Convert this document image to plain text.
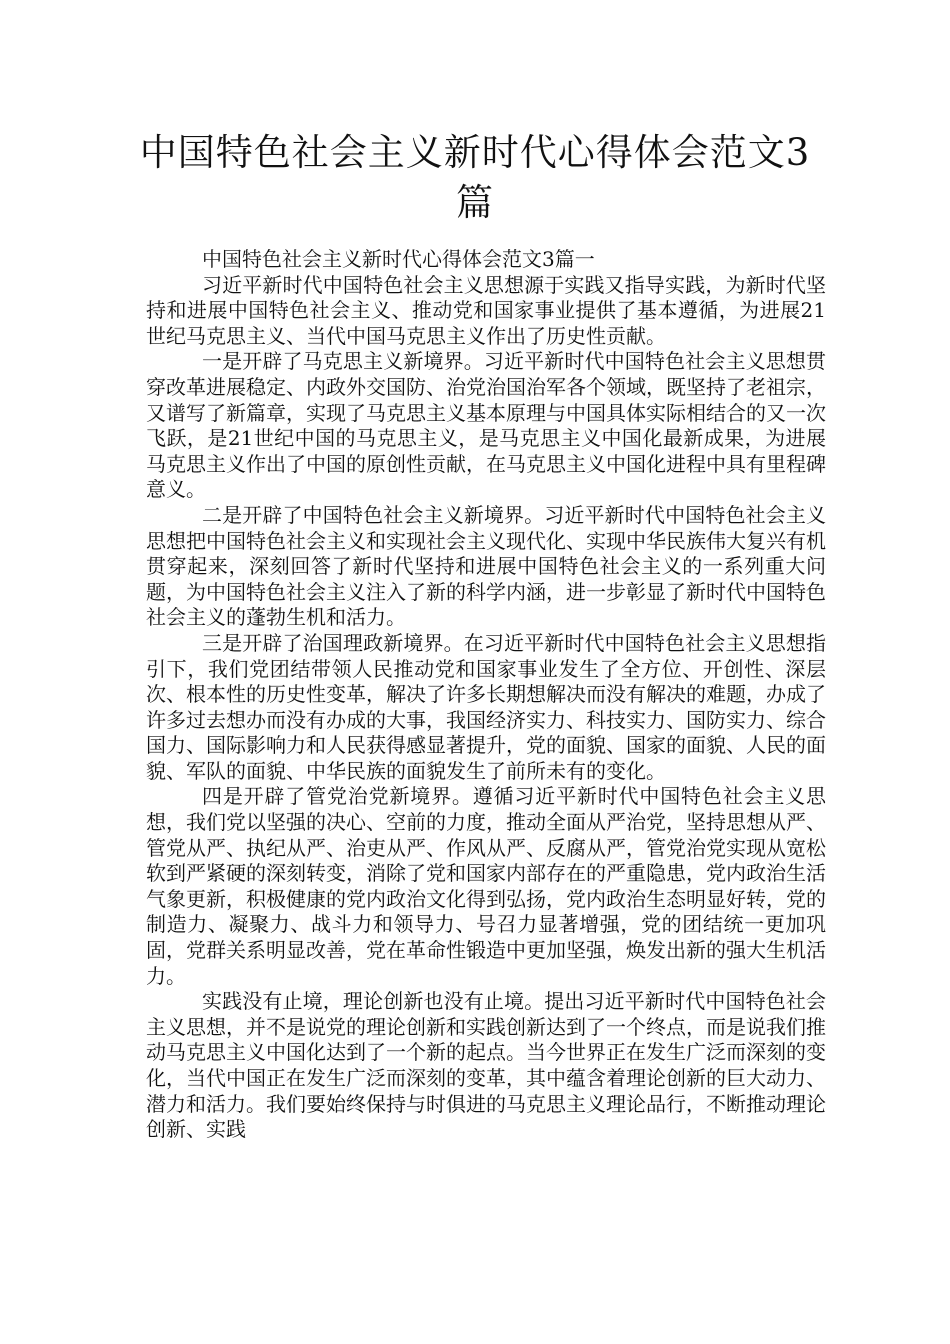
中国特色社会主义新时代心得体会范文3
篇

中国特色社会主义新时代心得体会范文3篇一

习近平新时代中国特色社会主义思想源于实践又指导实践，为新时代坚持和进展中国特色社会主义、推动党和国家事业提供了基本遵循，为进展21世纪马克思主义、当代中国马克思主义作出了历史性贡献。

一是开辟了马克思主义新境界。习近平新时代中国特色社会主义思想贯穿改革进展稳定、内政外交国防、治党治国治军各个领域，既坚持了老祖宗，又谱写了新篇章，实现了马克思主义基本原理与中国具体实际相结合的又一次飞跃，是21世纪中国的马克思主义，是马克思主义中国化最新成果，为进展马克思主义作出了中国的原创性贡献，在马克思主义中国化进程中具有里程碑意义。

二是开辟了中国特色社会主义新境界。习近平新时代中国特色社会主义思想把中国特色社会主义和实现社会主义现代化、实现中华民族伟大复兴有机贯穿起来，深刻回答了新时代坚持和进展中国特色社会主义的一系列重大问题，为中国特色社会主义注入了新的科学内涵，进一步彰显了新时代中国特色社会主义的蓬勃生机和活力。

三是开辟了治国理政新境界。在习近平新时代中国特色社会主义思想指引下，我们党团结带领人民推动党和国家事业发生了全方位、开创性、深层次、根本性的历史性变革，解决了许多长期想解决而没有解决的难题，办成了许多过去想办而没有办成的大事，我国经济实力、科技实力、国防实力、综合国力、国际影响力和人民获得感显著提升，党的面貌、国家的面貌、人民的面貌、军队的面貌、中华民族的面貌发生了前所未有的变化。

四是开辟了管党治党新境界。遵循习近平新时代中国特色社会主义思想，我们党以坚强的决心、空前的力度，推动全面从严治党，坚持思想从严、管党从严、执纪从严、治吏从严、作风从严、反腐从严，管党治党实现从宽松软到严紧硬的深刻转变，消除了党和国家内部存在的严重隐患，党内政治生活气象更新，积极健康的党内政治文化得到弘扬，党内政治生态明显好转，党的制造力、凝聚力、战斗力和领导力、号召力显著增强，党的团结统一更加巩固，党群关系明显改善，党在革命性锻造中更加坚强，焕发出新的强大生机活力。

实践没有止境，理论创新也没有止境。提出习近平新时代中国特色社会主义思想，并不是说党的理论创新和实践创新达到了一个终点，而是说我们推动马克思主义中国化达到了一个新的起点。当今世界正在发生广泛而深刻的变化，当代中国正在发生广泛而深刻的变革，其中蕴含着理论创新的巨大动力、潜力和活力。我们要始终保持与时俱进的马克思主义理论品行，不断推动理论创新、实践
